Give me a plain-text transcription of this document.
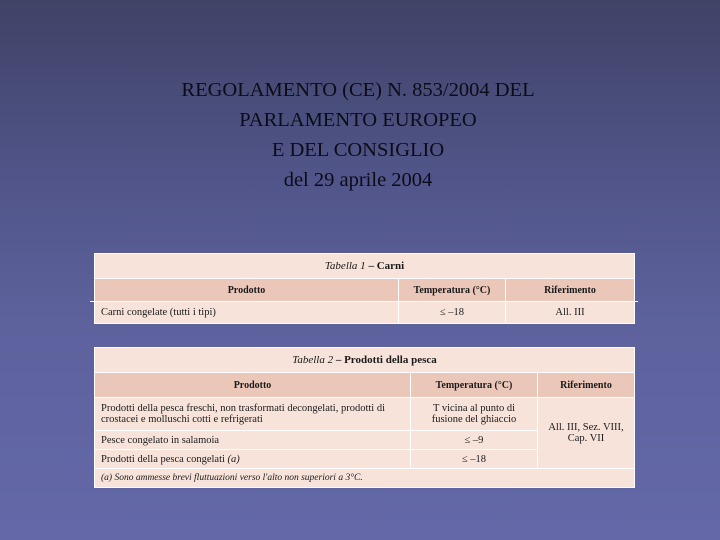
REGOLAMENTO (CE) N. 853/2004 DEL
PARLAMENTO EUROPEO
E DEL CONSIGLIO
del 29 aprile 2004
Tabella 1 – Carni		
Prodotto	Temperatura (°C)	Riferimento
Carni congelate (tutti i tipi)	≤ –18	All. III
Tabella 2 – Prodotti della pesca		
Prodotto	Temperatura (°C)	Riferimento
Prodotti della pesca freschi, non trasformati decongelati, prodotti di crostacei e molluschi cotti e refrigerati	T vicina al punto di fusione del ghiaccio	All. III, Sez. VIII, Cap. VII
Pesce congelato in salamoia	≤ –9	
Prodotti della pesca congelati (a)	≤ –18	
(a) Sono ammesse brevi fluttuazioni verso l'alto non superiori a 3°C.		
